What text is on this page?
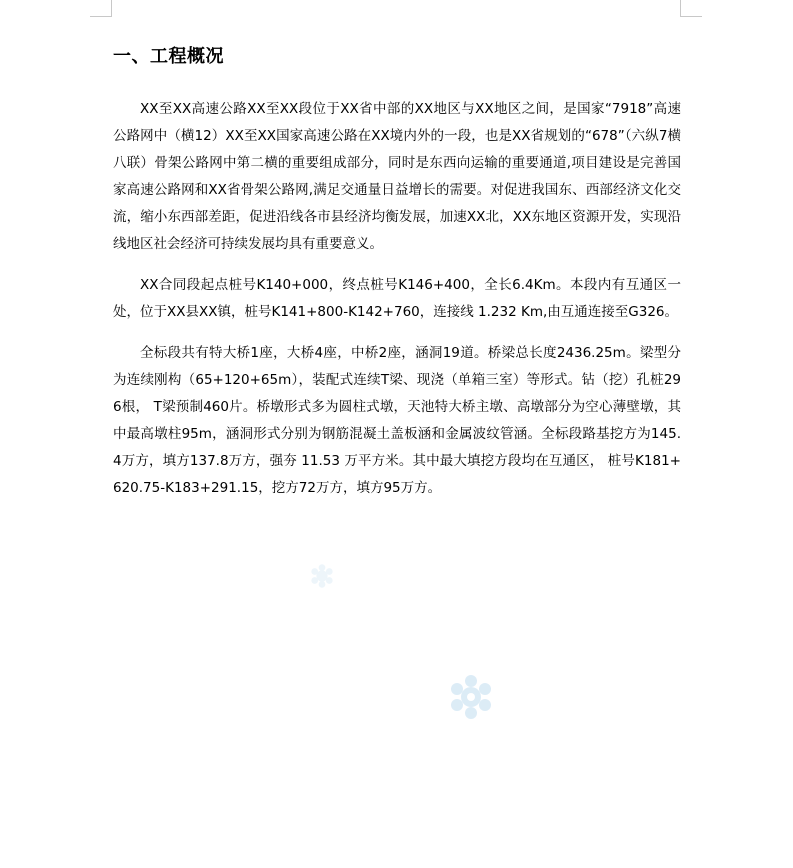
一、工程概况

XX至XX高速公路XX至XX段位于XX省中部的XX地区与XX地区之间，是国家“7918”高速公路网中（横12）XX至XX国家高速公路在XX境内外的一段，也是XX省规划的“678”（六纵7横八联）骨架公路网中第二横的重要组成部分，同时是东西向运输的重要通道,项目建设是完善国家高速公路网和XX省骨架公路网,满足交通量日益增长的需要。对促进我国东、西部经济文化交流，缩小东西部差距，促进沿线各市县经济均衡发展，加速XX北，XX东地区资源开发，实现沿线地区社会经济可持续发展均具有重要意义。

XX合同段起点桩号K140+000，终点桩号K146+400，全长6.4Km。本段内有互通区一处，位于XX县XX镇，桩号K141+800-K142+760，连接线 1.232 Km,由互通连接至G326。

全标段共有特大桥1座，大桥4座，中桥2座，涵洞19道。桥梁总长度2436.25m。梁型分为连续刚构（65+120+65m），装配式连续T梁、现浇（单箱三室）等形式。钻（挖）孔桩296根， T梁预制460片。桥墩形式多为圆柱式墩，天池特大桥主墩、高墩部分为空心薄壁墩，其中最高墩柱95m，涵洞形式分别为钢筋混凝土盖板涵和金属波纹管涵。全标段路基挖方为145.4万方，填方137.8万方，强夯 11.53 万平方米。其中最大填挖方段均在互通区， 桩号K181+620.75-K183+291.15，挖方72万方，填方95万方。
